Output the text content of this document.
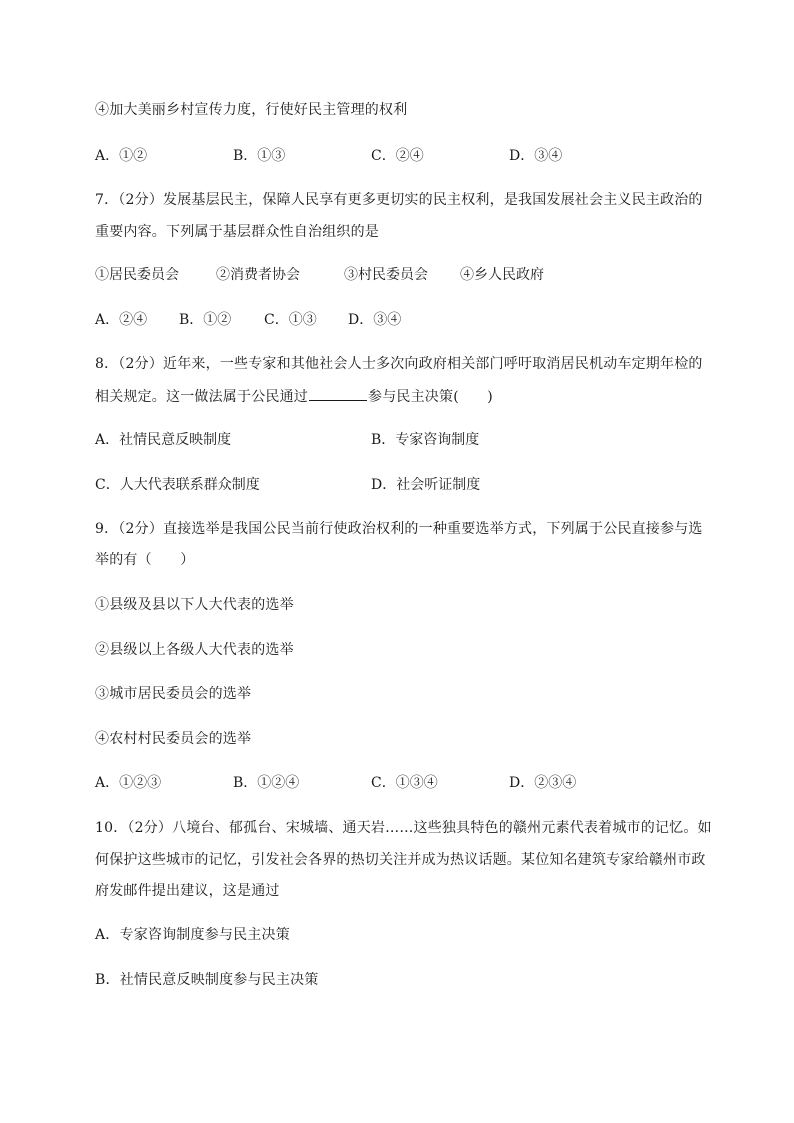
④加大美丽乡村宣传力度，行使好民主管理的权利
A．①②	B．①③	C．②④	D．③④
7．（2分）发展基层民主，保障人民享有更多更切实的民主权利，是我国发展社会主义民主政治的
重要内容。下列属于基层群众性自治组织的是
①居民委员会	②消费者协会	③村民委员会 ④乡人民政府
A．②④ B．①② C．①③ D．③④
8．（2分）近年来，一些专家和其他社会人士多次向政府相关部门呼吁取消居民机动车定期年检的
相关规定。这一做法属于公民通过	参与民主决策(　　)
A．社情民意反映制度	B．专家咨询制度
C．人大代表联系群众制度	D．社会听证制度
9．（2分）直接选举是我国公民当前行使政治权利的一种重要选举方式，下列属于公民直接参与选
举的有（　　）
①县级及县以下人大代表的选举
②县级以上各级人大代表的选举
③城市居民委员会的选举
④农村村民委员会的选举
A．①②③	B．①②④	C．①③④	D．②③④
10．（2分）八境台、郁孤台、宋城墙、通天岩……这些独具特色的赣州元素代表着城市的记忆。如
何保护这些城市的记忆，引发社会各界的热切关注并成为热议话题。某位知名建筑专家给赣州市政
府发邮件提出建议，这是通过
A．专家咨询制度参与民主决策
B．社情民意反映制度参与民主决策
